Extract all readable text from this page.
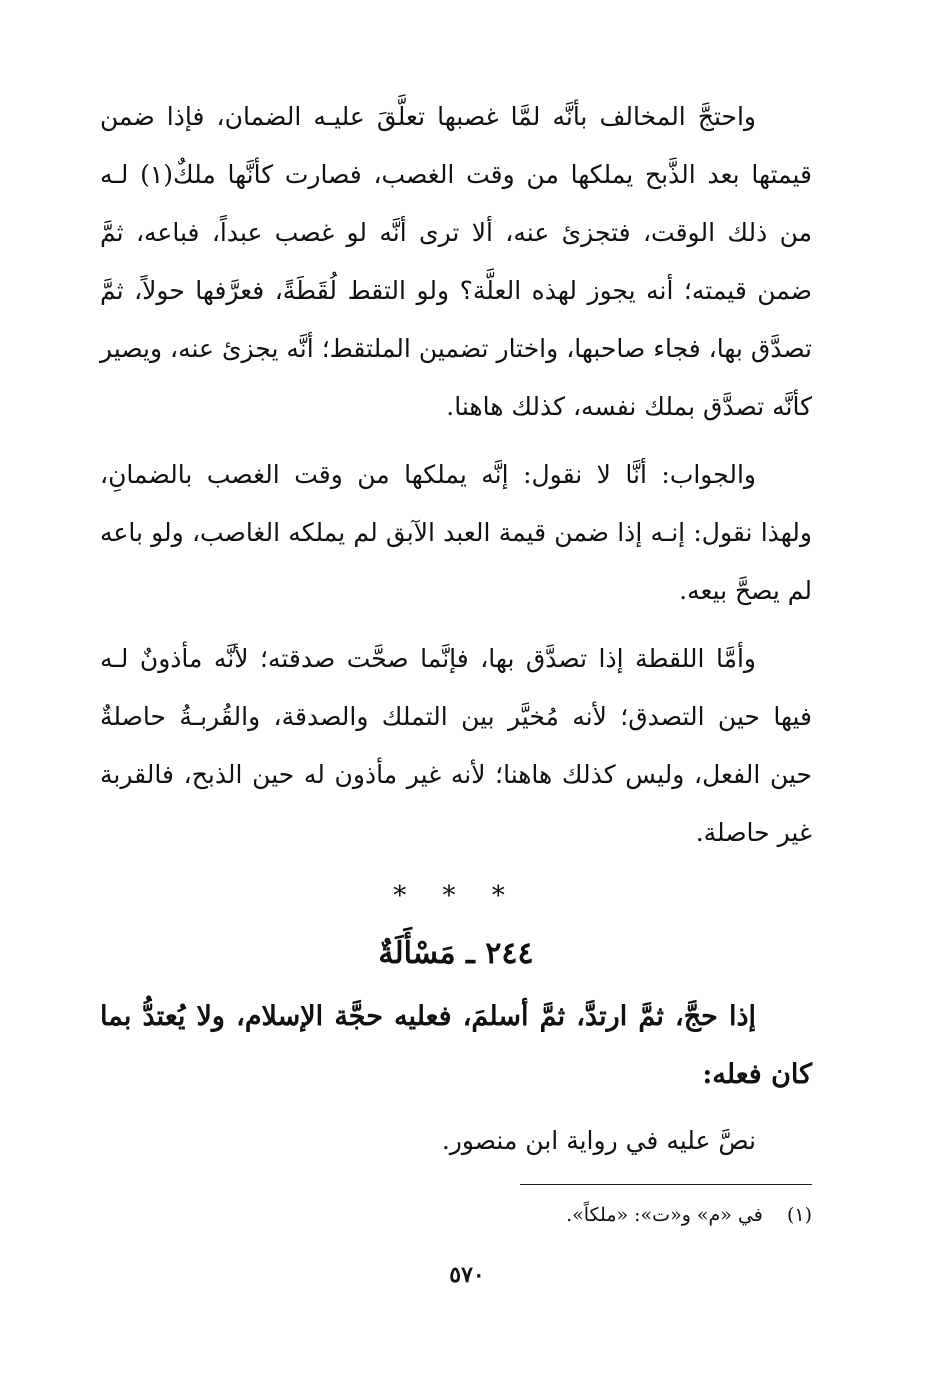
واحتجَّ المخالف بأنَّه لمَّا غصبها تعلَّقَ عليـه الضمان، فإذا ضمن قيمتها بعد الذَّبح يملكها من وقت الغصب، فصارت كأنَّها ملكٌ(١) لـه من ذلك الوقت، فتجزئ عنه، ألا ترى أنَّه لو غصب عبداً، فباعه، ثمَّ ضمن قيمته؛ أنه يجوز لهذه العلَّة؟ ولو التقط لُقَطَةً، فعرَّفها حولاً، ثمَّ تصدَّق بها، فجاء صاحبها، واختار تضمين الملتقط؛ أنَّه يجزئ عنه، ويصير كأنَّه تصدَّق بملك نفسه، كذلك هاهنا.

والجواب: أنَّا لا نقول: إنَّه يملكها من وقت الغصب بالضمانِ، ولهذا نقول: إنـه إذا ضمن قيمة العبد الآبق لم يملكه الغاصب، ولو باعه لم يصحَّ بيعه.

وأمَّا اللقطة إذا تصدَّق بها، فإنَّما صحَّت صدقته؛ لأنَّه مأذونٌ لـه فيها حين التصدق؛ لأنه مُخيَّر بين التملك والصدقة، والقُربـةُ حاصلةٌ حين الفعل، وليس كذلك هاهنا؛ لأنه غير مأذون له حين الذبح، فالقربة غير حاصلة.

* * *
٢٤٤ ـ مَسْأَلَةٌ

إذا حجَّ، ثمَّ ارتدَّ، ثمَّ أسلمَ، فعليه حجَّة الإسلام، ولا يُعتدُّ بما كان فعله:

نصَّ عليه في رواية ابن منصور.

(١) في «م» و«ت»: «ملكاً».
٥٧٠
